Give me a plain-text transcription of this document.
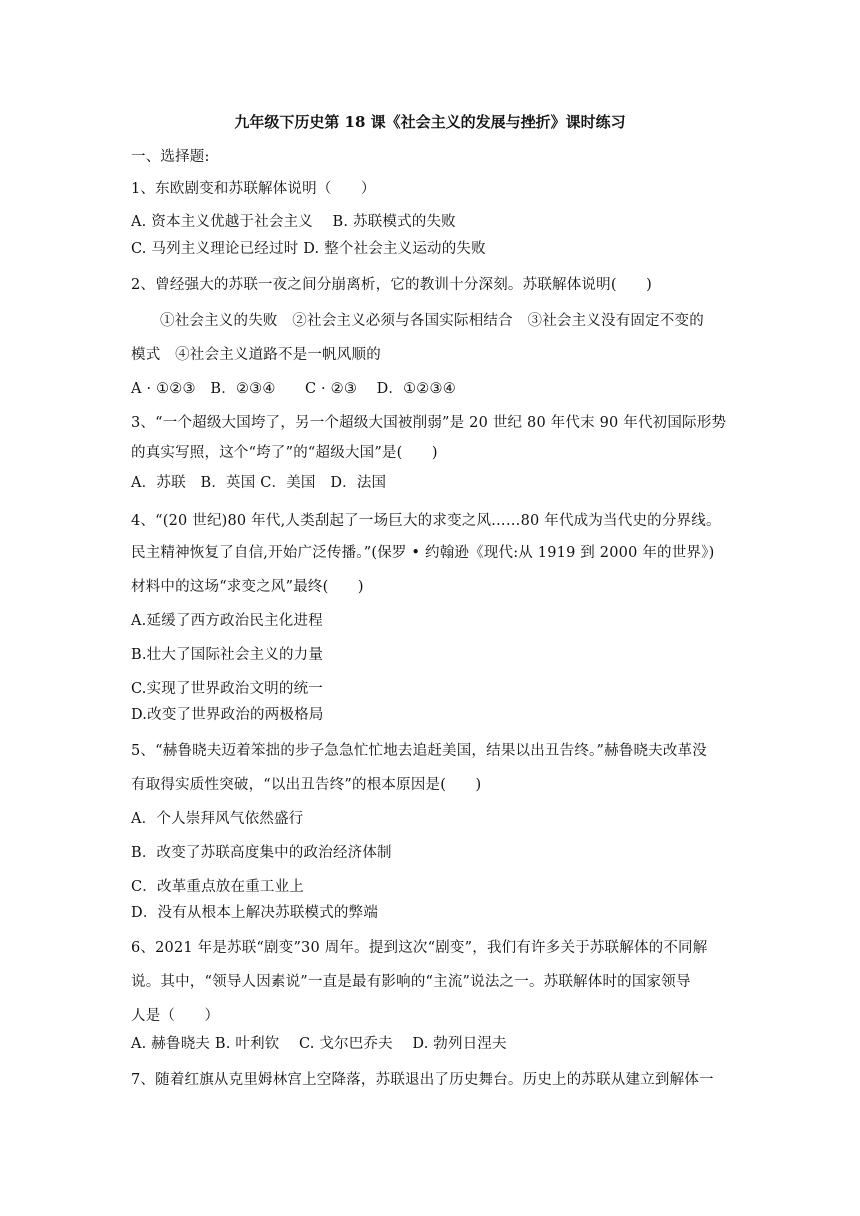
九年级下历史第 18 课《社会主义的发展与挫折》课时练习
一、选择题:
1、东欧剧变和苏联解体说明（　　）
A. 资本主义优越于社会主义　 B. 苏联模式的失败
C. 马列主义理论已经过时 D. 整个社会主义运动的失败
2、曾经强大的苏联一夜之间分崩离析，它的教训十分深刻。苏联解体说明(　　)
①社会主义的失败　②社会主义必须与各国实际相结合　③社会主义没有固定不变的
模式　④社会主义道路不是一帆风顺的
A · ①②③　B．②③④　　C · ②③　 D．①②③④
3、“一个超级大国垮了，另一个超级大国被削弱”是 20 世纪 80 年代末 90 年代初国际形势
的真实写照，这个“垮了”的“超级大国”是(　　)
A．苏联　B．英国 C．美国　D．法国
4、“(20 世纪)80 年代,人类刮起了一场巨大的求变之风……80 年代成为当代史的分界线。
民主精神恢复了自信,开始广泛传播。”(保罗 • 约翰逊《现代:从 1919 到 2000 年的世界》)
材料中的这场“求变之风”最终(　　)
A.延缓了西方政治民主化进程
B.壮大了国际社会主义的力量
C.实现了世界政治文明的统一
D.改变了世界政治的两极格局
5、“赫鲁晓夫迈着笨拙的步子急急忙忙地去追赶美国，结果以出丑告终。”赫鲁晓夫改革没
有取得实质性突破，“以出丑告终”的根本原因是(　　)
A．个人崇拜风气依然盛行
B．改变了苏联高度集中的政治经济体制
C．改革重点放在重工业上
D．没有从根本上解决苏联模式的弊端
6、2021 年是苏联“剧变”30 周年。提到这次“剧变”，我们有许多关于苏联解体的不同解
说。其中，“领导人因素说”一直是最有影响的“主流”说法之一。苏联解体时的国家领导
人是（　　）
A. 赫鲁晓夫 B. 叶利钦　 C. 戈尔巴乔夫　 D. 勃列日涅夫
7、随着红旗从克里姆林宫上空降落，苏联退出了历史舞台。历史上的苏联从建立到解体一
